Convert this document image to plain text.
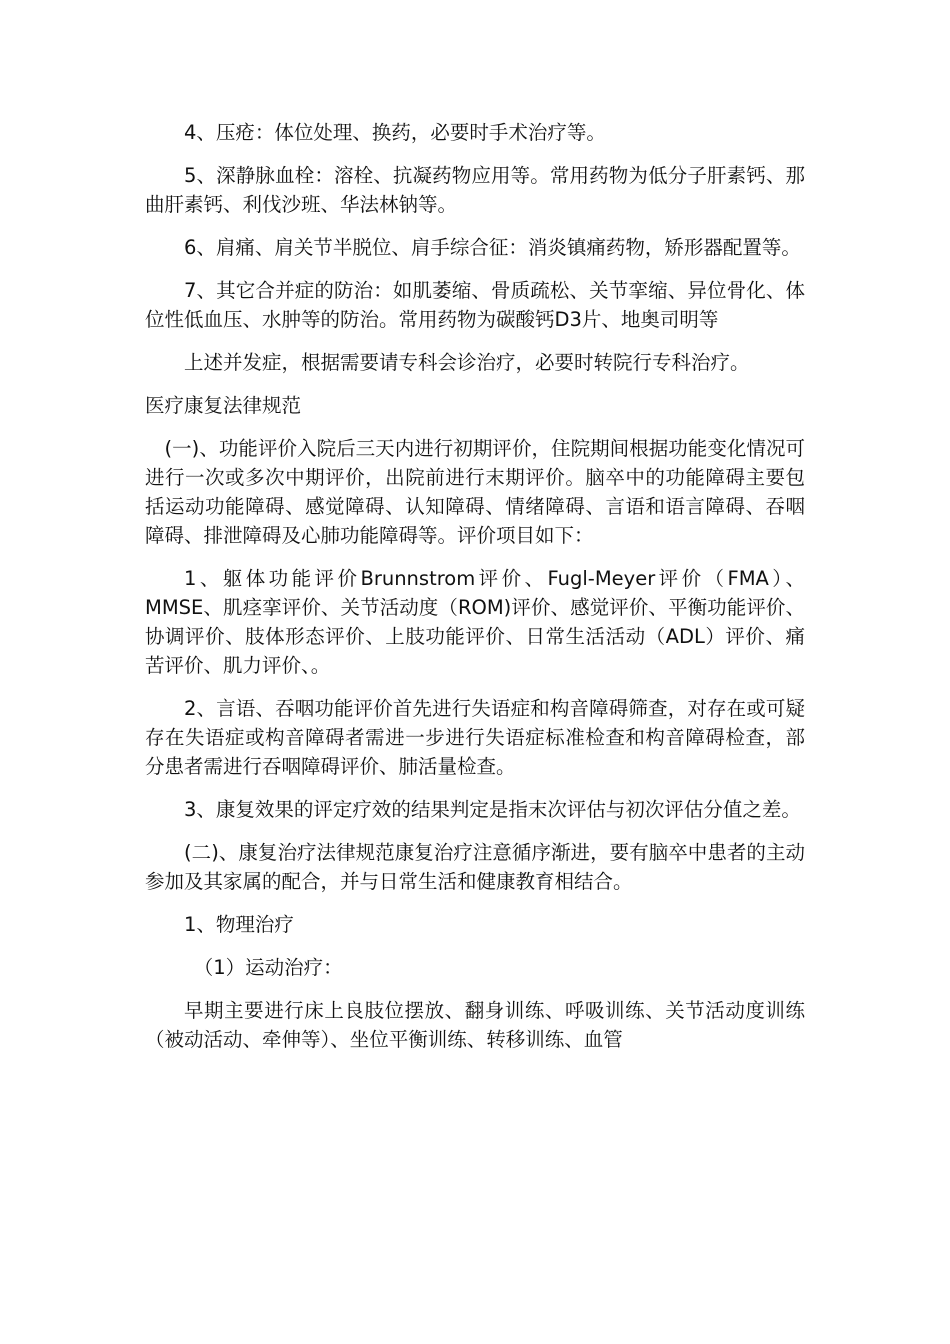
4、压疮：体位处理、换药，必要时手术治疗等。

5、深静脉血栓：溶栓、抗凝药物应用等。常用药物为低分子肝素钙、那曲肝素钙、利伐沙班、华法林钠等。

6、肩痛、肩关节半脱位、肩手综合征：消炎镇痛药物，矫形器配置等。

7、其它合并症的防治：如肌萎缩、骨质疏松、关节挛缩、异位骨化、体位性低血压、水肿等的防治。常用药物为碳酸钙D3片、地奥司明等

上述并发症，根据需要请专科会诊治疗，必要时转院行专科治疗。

医疗康复法律规范

(一)、功能评价入院后三天内进行初期评价，住院期间根据功能变化情况可进行一次或多次中期评价，出院前进行末期评价。脑卒中的功能障碍主要包括运动功能障碍、感觉障碍、认知障碍、情绪障碍、言语和语言障碍、吞咽障碍、排泄障碍及心肺功能障碍等。评价项目如下：

1、躯体功能评价Brunnstrom评价、Fugl-Meyer评价（FMA）、MMSE、肌痉挛评价、关节活动度（ROM)评价、感觉评价、平衡功能评价、协调评价、肢体形态评价、上肢功能评价、日常生活活动（ADL）评价、痛苦评价、肌力评价、。

2、言语、吞咽功能评价首先进行失语症和构音障碍筛查，对存在或可疑存在失语症或构音障碍者需进一步进行失语症标准检查和构音障碍检查，部分患者需进行吞咽障碍评价、肺活量检查。

3、康复效果的评定疗效的结果判定是指末次评估与初次评估分值之差。

(二)、康复治疗法律规范康复治疗注意循序渐进，要有脑卒中患者的主动参加及其家属的配合，并与日常生活和健康教育相结合。

1、物理治疗

（1）运动治疗：

早期主要进行床上良肢位摆放、翻身训练、呼吸训练、关节活动度训练（被动活动、牵伸等）、坐位平衡训练、转移训练、血管
